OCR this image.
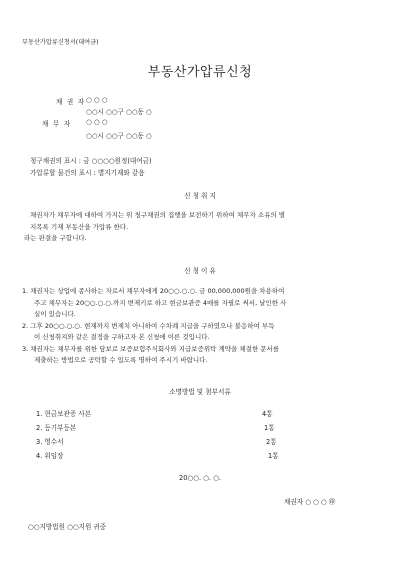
부동산가압류신청서(대여금)
부동산가압류신청
채 권 자 ○ ○ ○
○○시 ○○구 ○○동 ○
채 무 자 ○ ○ ○
○○시 ○○구 ○○동 ○
청구채권의 표시 : 금 ○○○○원정(대여금)
가압류할 물건의 표시 : 별지기재와 같음
신 청 취 지
채권자가 채무자에 대하여 가지는 위 청구채권의 집행을 보전하기 위하여 채무자 소유의 별
지목록 기재 부동산을 가압류 한다.
라는 판결을 구합니다.
신 청 이 유
1. 채권자는 상업에 종사하는 자로서 채무자에게 20○○.○.○. 금 00,000,000원을 차용하여
주고 채무자는 20○○.○.○.까지 변제키로 하고 현금보관증 4매를 자필로 써서, 날인한 사
실이 있습니다.
2. 그후 20○○.○.○. 현재까지 변제치 아니하여 수차례 지급을 구하였으나 불응하여 부득
이 신청취지와 같은 결정을 구하고자 본 신청에 이른 것입니다.
3. 채권자는 채무자를 위한 담보로 보증보험주식회사와 지급보증위탁 계약을 체결한 문서를
제출하는 방법으로 공탁할 수 있도록 명하여 주시기 바랍니다.
소명방법 및 첨부서류
1. 현금보관증 사본	4통
2. 등기부등본	1통
3. 영수서	2통
4. 위임장	1통
20○○. ○. ○.
채권자 ○ ○ ○ ㊞
○○지방법원 ○○지원 귀중
